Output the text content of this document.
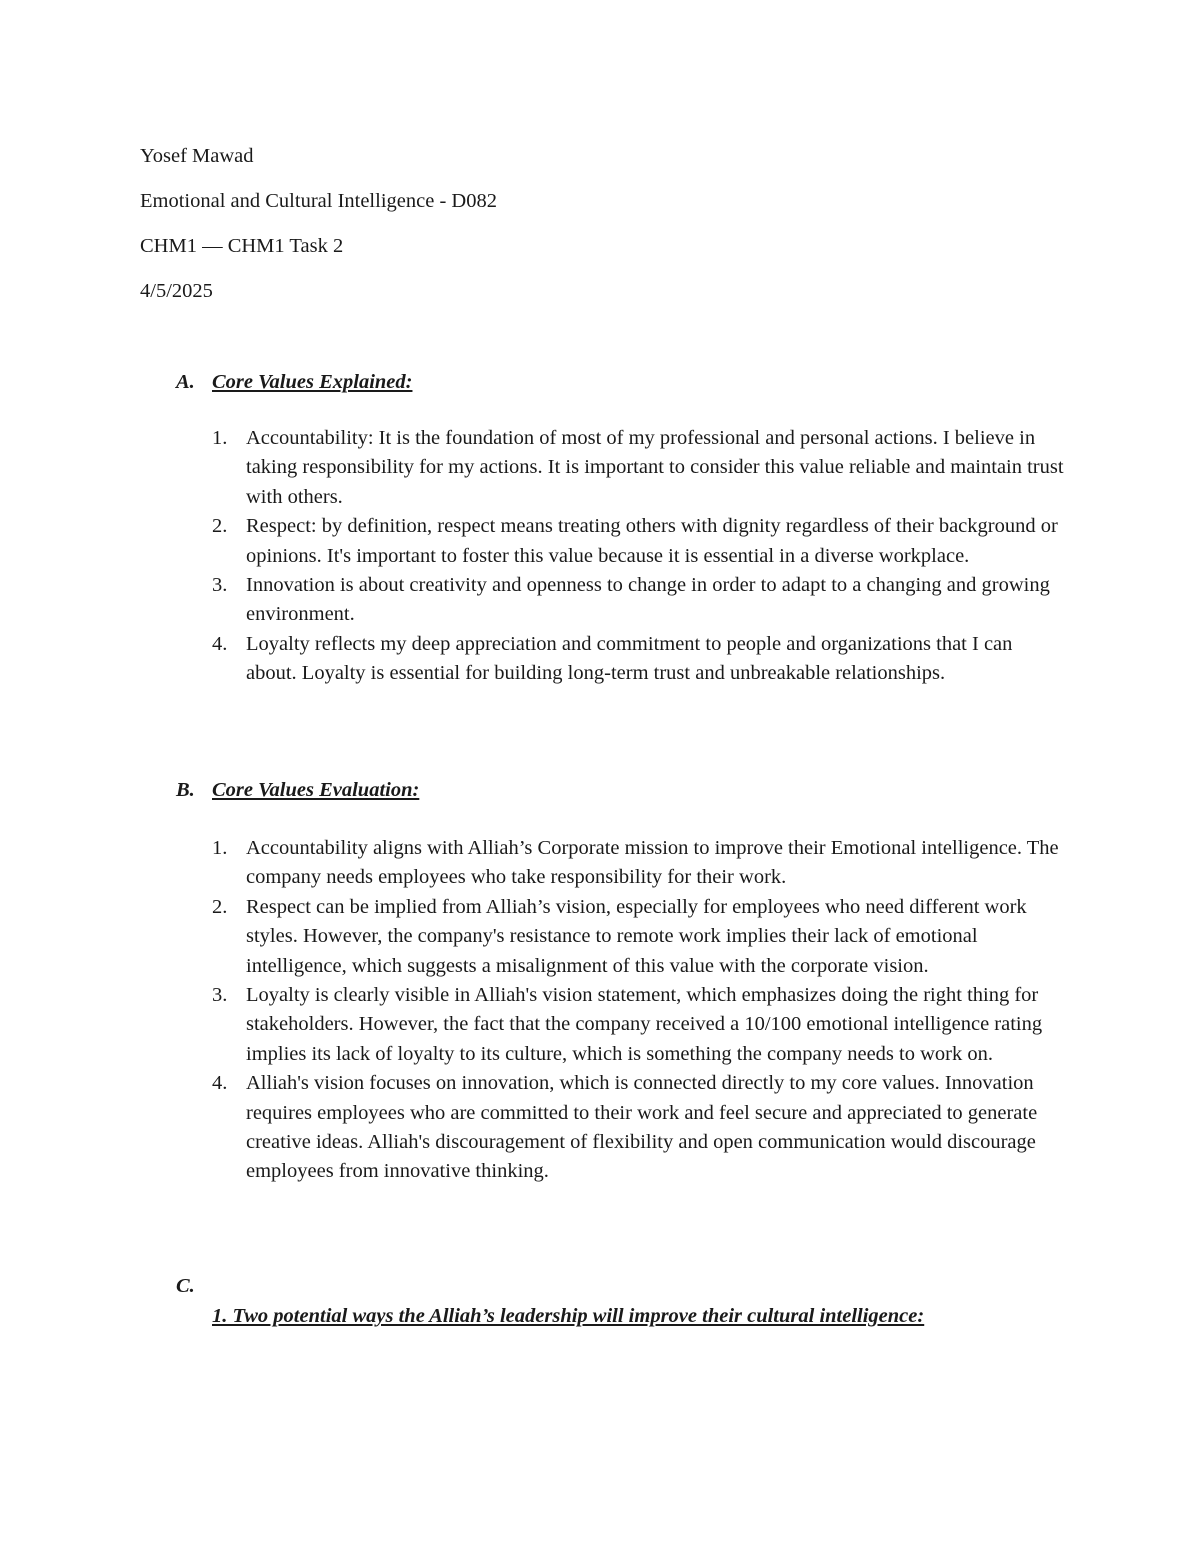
Yosef Mawad
Emotional and Cultural Intelligence - D082
CHM1 — CHM1 Task 2
4/5/2025
A. Core Values Explained:
1. Accountability: It is the foundation of most of my professional and personal actions. I believe in taking responsibility for my actions. It is important to consider this value reliable and maintain trust with others.
2. Respect: by definition, respect means treating others with dignity regardless of their background or opinions. It's important to foster this value because it is essential in a diverse workplace.
3. Innovation is about creativity and openness to change in order to adapt to a changing and growing environment.
4. Loyalty reflects my deep appreciation and commitment to people and organizations that I can about. Loyalty is essential for building long-term trust and unbreakable relationships.
B. Core Values Evaluation:
1. Accountability aligns with Alliah’s Corporate mission to improve their Emotional intelligence. The company needs employees who take responsibility for their work.
2. Respect can be implied from Alliah’s vision, especially for employees who need different work styles. However, the company's resistance to remote work implies their lack of emotional intelligence, which suggests a misalignment of this value with the corporate vision.
3. Loyalty is clearly visible in Alliah's vision statement, which emphasizes doing the right thing for stakeholders. However, the fact that the company received a 10/100 emotional intelligence rating implies its lack of loyalty to its culture, which is something the company needs to work on.
4. Alliah's vision focuses on innovation, which is connected directly to my core values. Innovation requires employees who are committed to their work and feel secure and appreciated to generate creative ideas. Alliah's discouragement of flexibility and open communication would discourage employees from innovative thinking.
C.
1. Two potential ways the Alliah’s leadership will improve their cultural intelligence:
